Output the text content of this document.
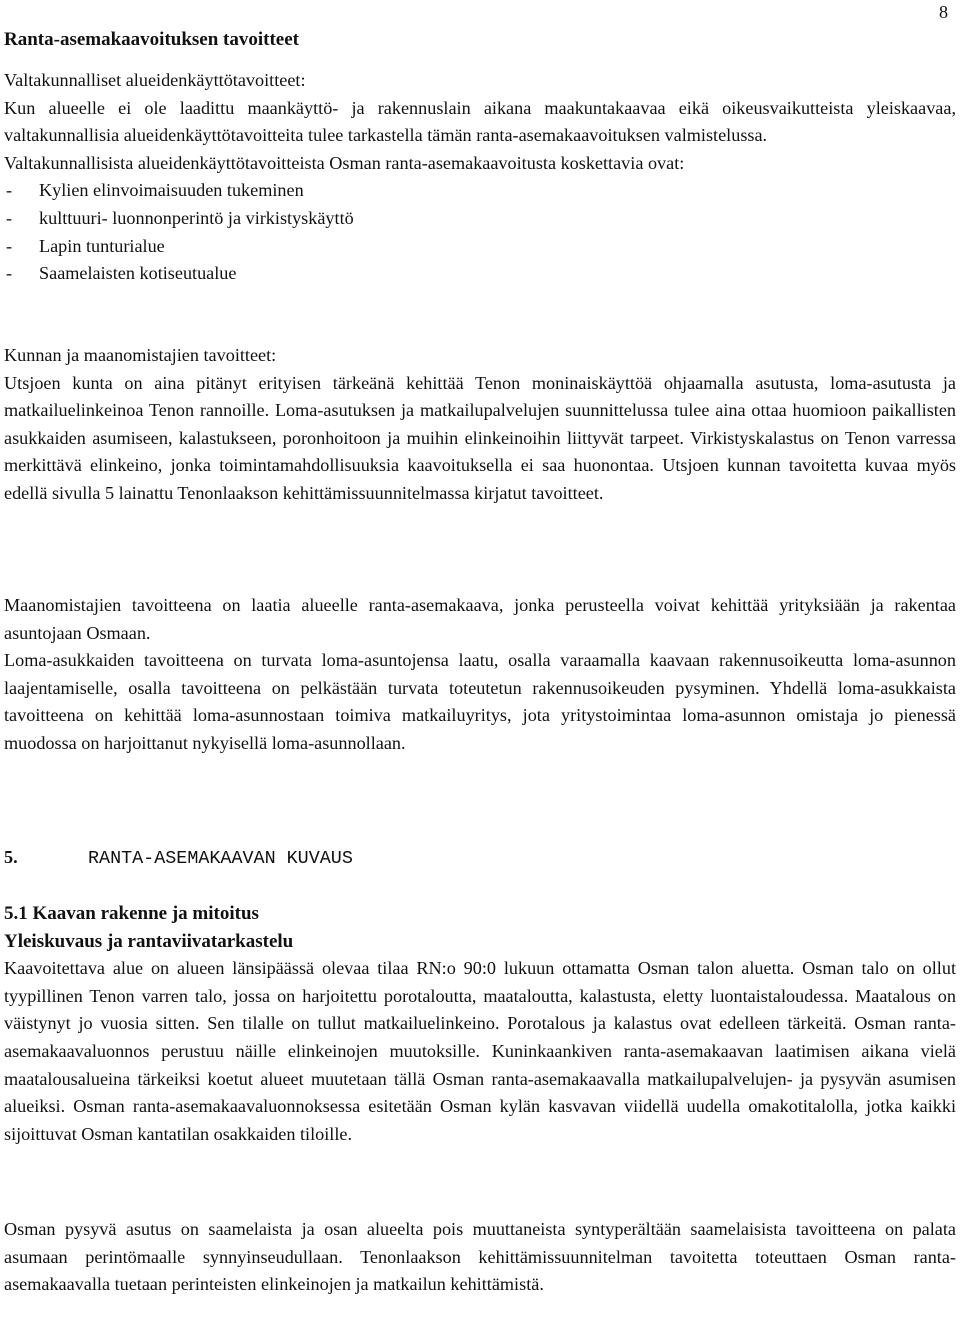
8

Ranta-asemakaavoituksen tavoitteet

Valtakunnalliset alueidenkäyttötavoitteet:

Kun alueelle ei ole laadittu maankäyttö- ja rakennuslain aikana maakuntakaavaa eikä oikeusvaikutteista yleiskaavaa, valtakunnallisia alueidenkäyttötavoitteita tulee tarkastella tämän ranta-asemakaavoituksen valmistelussa.

Valtakunnallisista alueidenkäyttötavoitteista Osman ranta-asemakaavoitusta koskettavia ovat:

- Kylien elinvoimaisuuden tukeminen
- kulttuuri- luonnonperintö ja virkistyskäyttö
- Lapin tunturialue
- Saamelaisten kotiseutualue

Kunnan ja maanomistajien tavoitteet:

Utsjoen kunta on aina pitänyt erityisen tärkeänä kehittää Tenon moninaiskäyttöä ohjaamalla asutusta, loma-asutusta ja matkailuelinkeinoa Tenon rannoille. Loma-asutuksen ja matkailupalvelujen suunnittelussa tulee aina ottaa huomioon paikallisten asukkaiden asumiseen, kalastukseen, poronhoitoon ja muihin elinkeinoihin liittyvät tarpeet. Virkistyskalastus on Tenon varressa merkittävä elinkeino, jonka toimintamahdollisuuksia kaavoituksella ei saa huonontaa. Utsjoen kunnan tavoitetta kuvaa myös edellä sivulla 5 lainattu Tenonlaakson kehittämissuunnitelmassa kirjatut tavoitteet.

Maanomistajien tavoitteena on laatia alueelle ranta-asemakaava, jonka perusteella voivat kehittää yrityksiään ja rakentaa asuntojaan Osmaan.

Loma-asukkaiden tavoitteena on turvata loma-asuntojensa laatu, osalla varaamalla kaavaan rakennusoikeutta loma-asunnon laajentamiselle, osalla tavoitteena on pelkästään turvata toteutetun rakennusoikeuden pysyminen. Yhdellä loma-asukkaista tavoitteena on kehittää loma-asunnostaan toimiva matkailuyritys, jota yritystoimintaa loma-asunnon omistaja jo pienessä muodossa on harjoittanut nykyisellä loma-asunnollaan.

5.	RANTA-ASEMAKAAVAN KUVAUS

5.1 Kaavan rakenne ja mitoitus

Yleiskuvaus ja rantaviivatarkastelu

Kaavoitettava alue on alueen länsipäässä olevaa tilaa RN:o 90:0 lukuun ottamatta Osman talon aluetta. Osman talo on ollut tyypillinen Tenon varren talo, jossa on harjoitettu porotaloutta, maataloutta, kalastusta, eletty luontaistaloudessa. Maatalous on väistynyt jo vuosia sitten. Sen tilalle on tullut matkailuelinkeino. Porotalous ja kalastus ovat edelleen tärkeitä. Osman ranta-asemakaavaluonnos perustuu näille elinkeinojen muutoksille. Kuninkaankiven ranta-asemakaavan laatimisen aikana vielä maatalousalueina tärkeiksi koetut alueet muutetaan tällä Osman ranta-asemakaavalla matkailupalvelujen- ja pysyvän asumisen alueiksi. Osman ranta-asemakaavaluonnoksessa esitetään Osman kylän kasvavan viidellä uudella omakotitalolla, jotka kaikki sijoittuvat Osman kantatilan osakkaiden tiloille.

Osman pysyvä asutus on saamelaista ja osan alueelta pois muuttaneista syntyperältään saamelaisista tavoitteena on palata asumaan perintömaalle synnyinseudullaan. Tenonlaakson kehittämissuunnitelman tavoitetta toteuttaen Osman ranta-asemakaavalla tuetaan perinteisten elinkeinojen ja matkailun kehittämistä.
